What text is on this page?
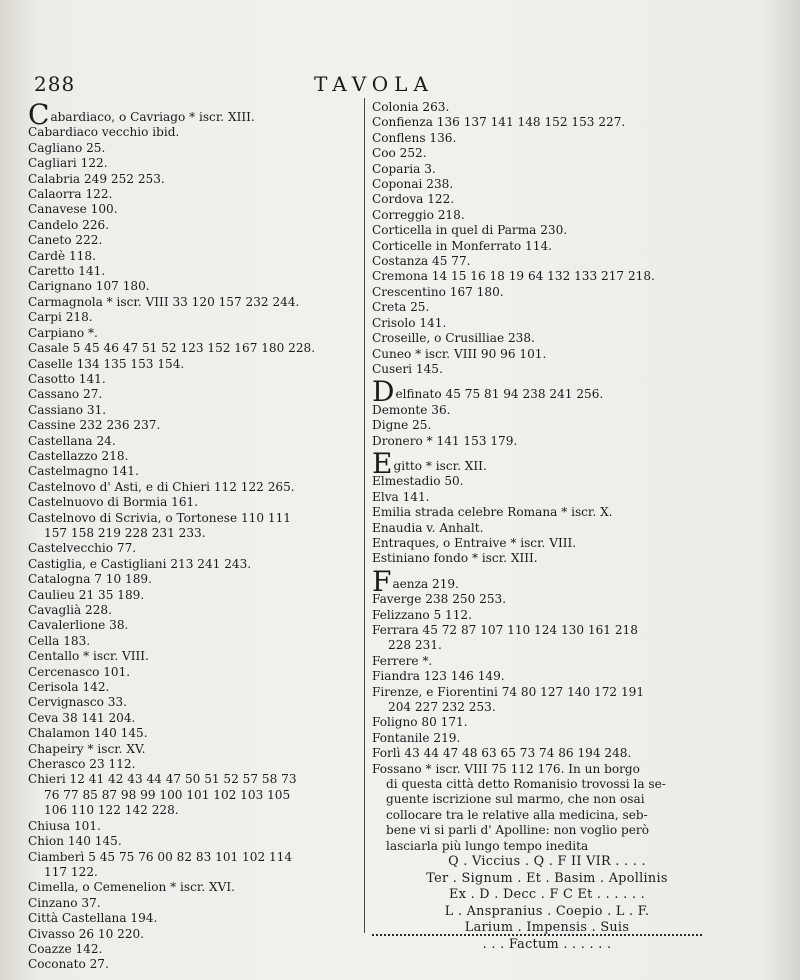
288	TAVOLA
Cabardiaco, o Cavriago * iscr. XIII.
Cabardiaco vecchio ibid.
Cagliano 25.
Cagliari 122.
Calabria 249 252 253.
Calaorra 122.
Canavese 100.
Candelo 226.
Caneto 222.
Cardè 118.
Caretto 141.
Carignano 107 180.
Carmagnola * iscr. VIII 33 120 157 232 244.
Carpi 218.
Carpiano *.
Casale 5 45 46 47 51 52 123 152 167 180 228.
Caselle 134 135 153 154.
Casotto 141.
Cassano 27.
Cassiano 31.
Cassine 232 236 237.
Castellana 24.
Castellazzo 218.
Castelmagno 141.
Castelnovo d' Asti, e di Chieri 112 122 265.
Castelnuovo di Bormia 161.
Castelnovo di Scrivia, o Tortonese 110 111
157 158 219 228 231 233.
Castelvecchio 77.
Castiglia, e Castigliani 213 241 243.
Catalogna 7 10 189.
Caulieu 21 35 189.
Cavaglià 228.
Cavalerlione 38.
Cella 183.
Centallo * iscr. VIII.
Cercenasco 101.
Cerisola 142.
Cervignasco 33.
Ceva 38 141 204.
Chalamon 140 145.
Chapeiry * iscr. XV.
Cherasco 23 112.
Chieri 12 41 42 43 44 47 50 51 52 57 58 73
76 77 85 87 98 99 100 101 102 103 105
106 110 122 142 228.
Chiusa 101.
Chion 140 145.
Ciamberì 5 45 75 76 00 82 83 101 102 114
117 122.
Cimella, o Cemenelion * iscr. XVI.
Cinzano 37.
Città Castellana 194.
Civasso 26 10 220.
Coazze 142.
Coconato 27.
Colonia 263.
Confienza 136 137 141 148 152 153 227.
Conflens 136.
Coo 252.
Coparia 3.
Coponai 238.
Cordova 122.
Correggio 218.
Corticella in quel di Parma 230.
Corticelle in Monferrato 114.
Costanza 45 77.
Cremona 14 15 16 18 19 64 132 133 217 218.
Crescentino 167 180.
Creta 25.
Crisolo 141.
Croseille, o Crusilliae 238.
Cuneo * iscr. VIII 90 96 101.
Cuseri 145.
Delfinato 45 75 81 94 238 241 256.
Demonte 36.
Digne 25.
Dronero * 141 153 179.
Egitto * iscr. XII.
Elmestadio 50.
Elva 141.
Emilia strada celebre Romana * iscr. X.
Enaudia v. Anhalt.
Entraques, o Entraive * iscr. VIII.
Estiniano fondo * iscr. XIII.
Faenza 219.
Faverge 238 250 253.
Felizzano 5 112.
Ferrara 45 72 87 107 110 124 130 161 218
228 231.
Ferrere *.
Fiandra 123 146 149.
Firenze, e Fiorentini 74 80 127 140 172 191
204 227 232 253.
Foligno 80 171.
Fontanile 219.
Forlì 43 44 47 48 63 65 73 74 86 194 248.
Fossano * iscr. VIII 75 112 176. In un borgo
di questa città detto Romanisio trovossi la se-
guente iscrizione sul marmo, che non osai
collocare tra le relative alla medicina, seb-
bene vi si parli d' Apolline: non voglio però
lasciarla più lungo tempo inedita
Q . Viccius . Q . F II VIR . . . .
Ter . Signum . Et . Basim . Apollinis
Ex . D . Decc . F C Et . . . . . .
L . Anspranius . Coepio . L . F.
Larium . Impensis . Suis
. . . Factum . . . . . .
